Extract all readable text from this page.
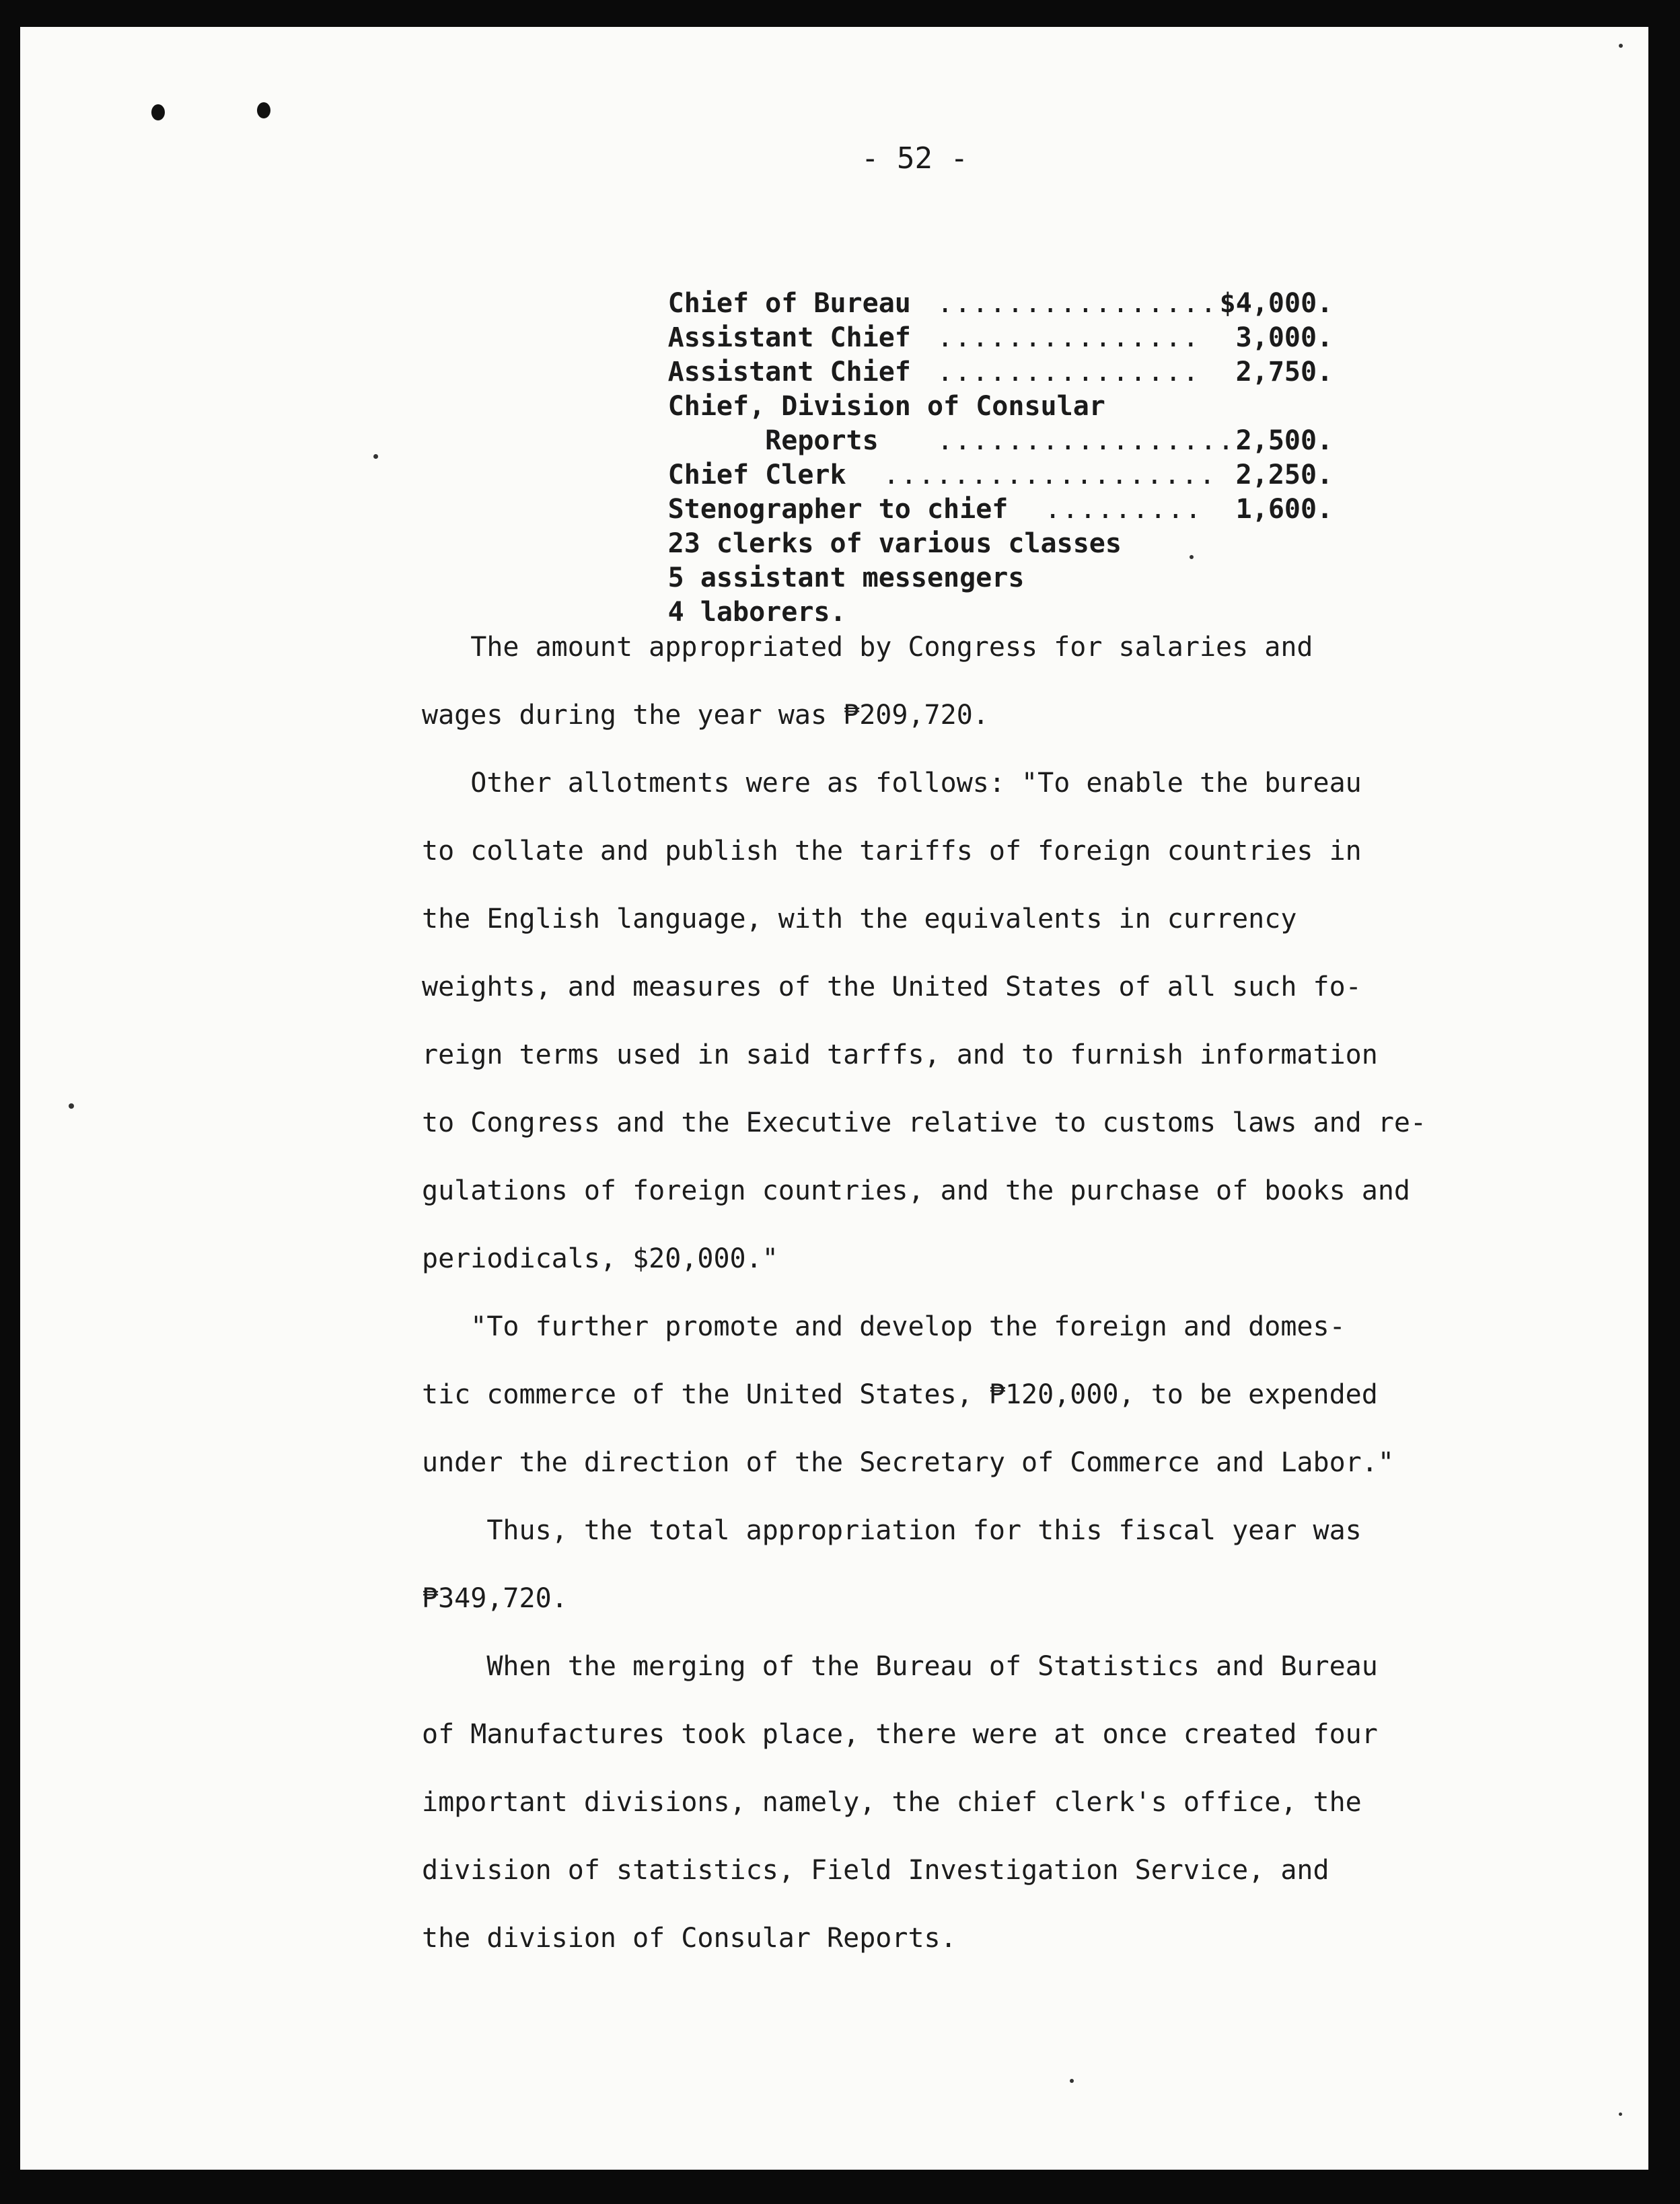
- 52 -

Chief of Bureau ................$4,000.

Assistant Chief ............... 3,000.

Assistant Chief ............... 2,750.

Chief, Division of Consular

Reports .................2,500.

Chief Clerk ................... 2,250.

Stenographer to chief ......... 1,600.

23 clerks of various classes

5 assistant messengers

4 laborers.

The amount appropriated by Congress for salaries and
wages during the year was ₱209,720.
Other allotments were as follows: "To enable the bureau
to collate and publish the tariffs of foreign countries in
the English language, with the equivalents in currency
weights, and measures of the United States of all such fo-
reign terms used in said tarffs, and to furnish information
to Congress and the Executive relative to customs laws and re-
gulations of foreign countries, and the purchase of books and
periodicals, $20,000."
"To further promote and develop the foreign and domes-
tic commerce of the United States, ₱120,000, to be expended
under the direction of the Secretary of Commerce and Labor."
Thus, the total appropriation for this fiscal year was
₱349,720.
When the merging of the Bureau of Statistics and Bureau
of Manufactures took place, there were at once created four
important divisions, namely, the chief clerk's office, the
division of statistics, Field Investigation Service, and
the division of Consular Reports.
